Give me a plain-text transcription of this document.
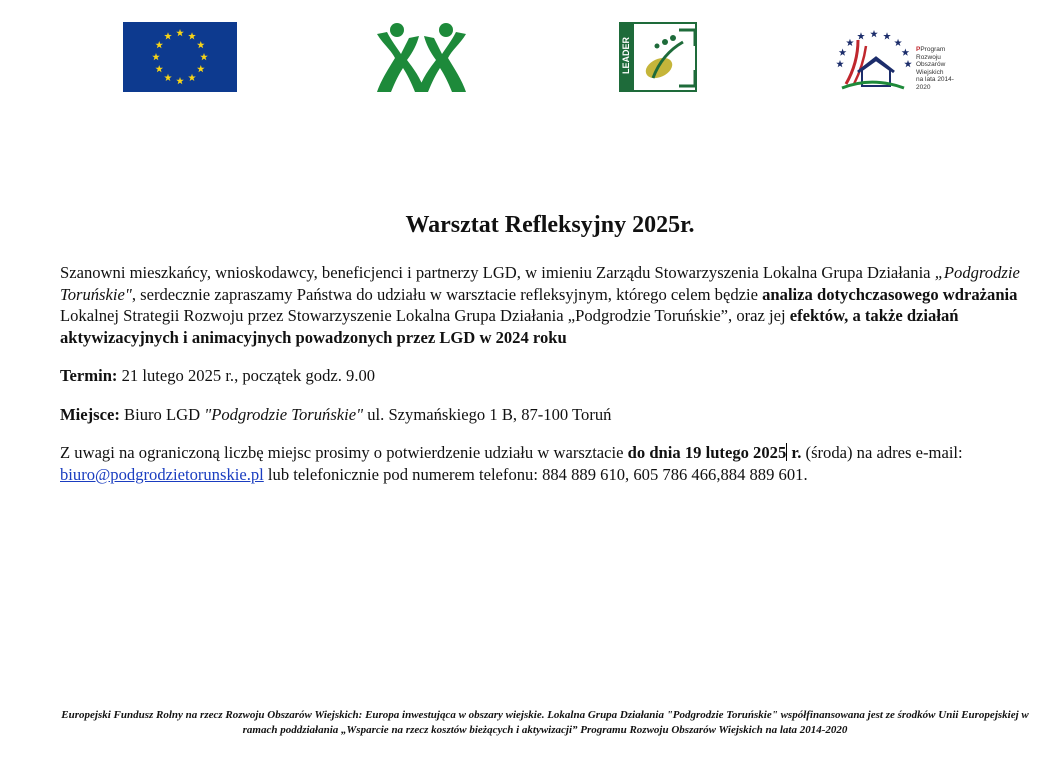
LEADER	PProgram
Rozwoju
Obszarów
Wiejskich
na lata 2014-2020
Warsztat Refleksyjny 2025r.

Szanowni mieszkańcy, wnioskodawcy, beneficjenci i partnerzy LGD, w imieniu Zarządu Stowarzyszenia Lokalna Grupa Działania „Podgrodzie Toruńskie", serdecznie zapraszamy Państwa do udziału w warsztacie refleksyjnym, którego celem będzie analiza dotychczasowego wdrażania Lokalnej Strategii Rozwoju przez Stowarzyszenie Lokalna Grupa Działania „Podgrodzie Toruńskie”, oraz jej efektów, a także działań aktywizacyjnych i animacyjnych powadzonych przez LGD w 2024 roku

Termin: 21 lutego 2025 r., początek godz. 9.00

Miejsce: Biuro LGD "Podgrodzie Toruńskie" ul. Szymańskiego 1 B, 87-100 Toruń

Z uwagi na ograniczoną liczbę miejsc prosimy o potwierdzenie udziału w warsztacie do dnia 19 lutego 2025 r. (środa) na adres e-mail: biuro@podgrodzietorunskie.pl lub telefonicznie pod numerem telefonu: 884 889 610, 605 786 466,884 889 601.

Europejski Fundusz Rolny na rzecz Rozwoju Obszarów Wiejskich: Europa inwestująca w obszary wiejskie. Lokalna Grupa Działania "Podgrodzie Toruńskie" współfinansowana jest ze środków Unii Europejskiej w ramach poddziałania „Wsparcie na rzecz kosztów bieżących i aktywizacji” Programu Rozwoju Obszarów Wiejskich na lata 2014-2020
